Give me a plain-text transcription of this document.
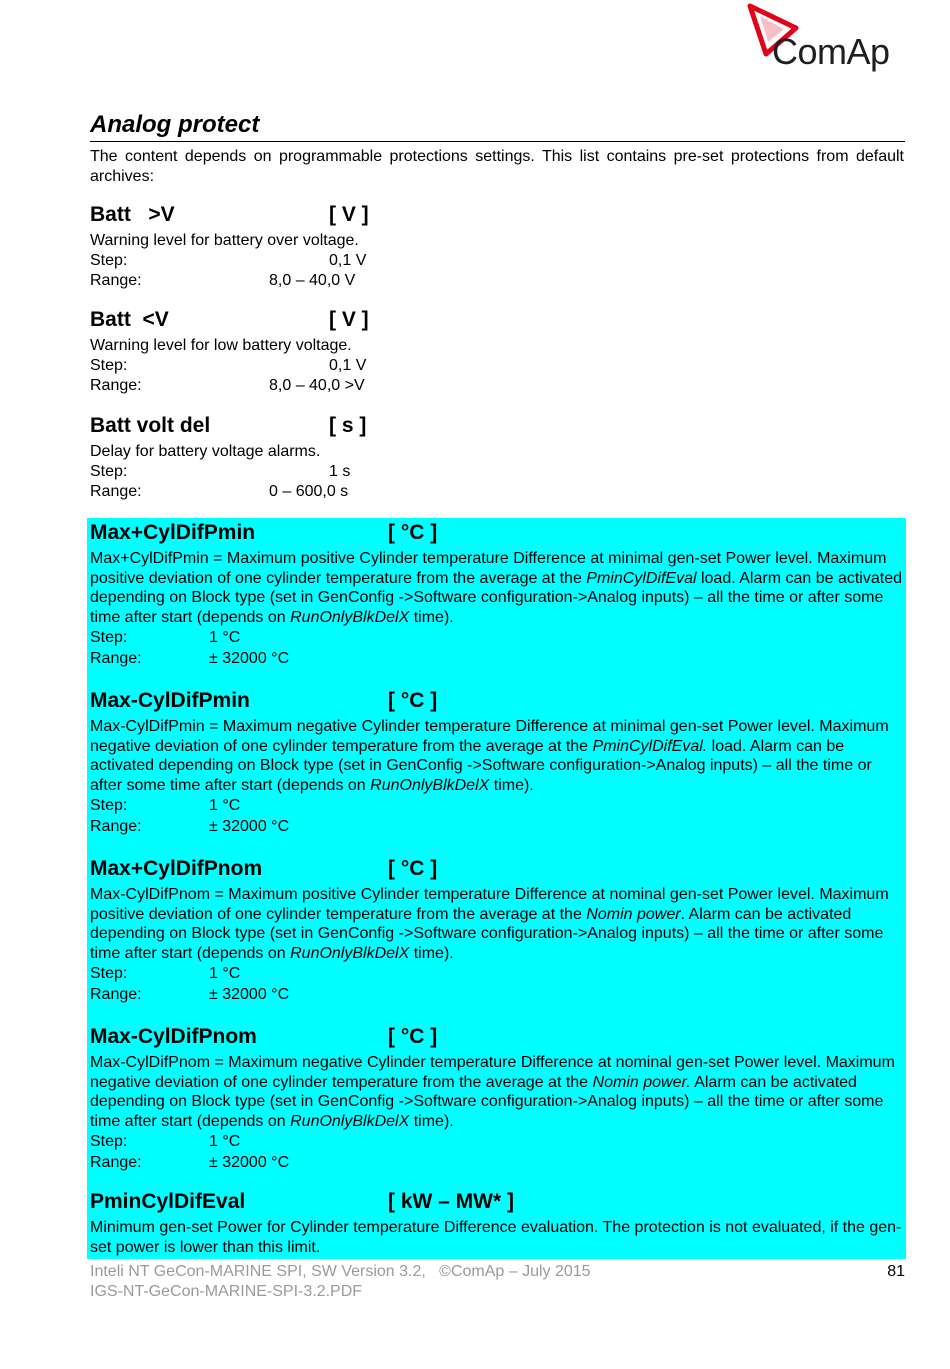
ComAp
Analog protect
The content depends on programmable protections settings. This list contains pre-set protections from default archives:
Batt   >V	[ V ]
Warning level for battery over voltage.
Step:	0,1 V
Range:	8,0 – 40,0 V
Batt  <V	[ V ]
Warning level for low battery voltage.
Step:	0,1 V
Range:	8,0 – 40,0 >V
Batt volt del	[ s ]
Delay for battery voltage alarms.
Step:	1 s
Range:	0 – 600,0 s
Max+CylDifPmin	[ °C ]
Max+CylDifPmin = Maximum positive Cylinder temperature Difference at minimal gen-set Power level. Maximum positive deviation of one cylinder temperature from the average at the PminCylDifEval load. Alarm can be activated depending on Block type (set in GenConfig ->Software configuration->Analog inputs) – all the time or after some time after start (depends on RunOnlyBlkDelX time).
Step:	1 °C
Range:	± 32000 °C
Max-CylDifPmin	[ °C ]
Max-CylDifPmin = Maximum negative Cylinder temperature Difference at minimal gen-set Power level. Maximum negative deviation of one cylinder temperature from the average at the PminCylDifEval. load. Alarm can be activated depending on Block type (set in GenConfig ->Software configuration->Analog inputs) – all the time or after some time after start (depends on RunOnlyBlkDelX time).
Step:	1 °C
Range:	± 32000 °C
Max+CylDifPnom	[ °C ]
Max-CylDifPnom = Maximum positive Cylinder temperature Difference at nominal gen-set Power level. Maximum positive deviation of one cylinder temperature from the average at the Nomin power. Alarm can be activated depending on Block type (set in GenConfig ->Software configuration->Analog inputs) – all the time or after some time after start (depends on RunOnlyBlkDelX time).
Step:	1 °C
Range:	± 32000 °C
Max-CylDifPnom	[ °C ]
Max-CylDifPnom = Maximum negative Cylinder temperature Difference at nominal gen-set Power level. Maximum negative deviation of one cylinder temperature from the average at the Nomin power. Alarm can be activated depending on Block type (set in GenConfig ->Software configuration->Analog inputs) – all the time or after some time after start (depends on RunOnlyBlkDelX time).
Step:	1 °C
Range:	± 32000 °C
PminCylDifEval	[ kW – MW* ]
Minimum gen-set Power for Cylinder temperature Difference evaluation. The protection is not evaluated, if the gen-set power is lower than this limit.
Inteli NT GeCon-MARINE SPI, SW Version 3.2,   ©ComAp – July 2015
IGS-NT-GeCon-MARINE-SPI-3.2.PDF
81
